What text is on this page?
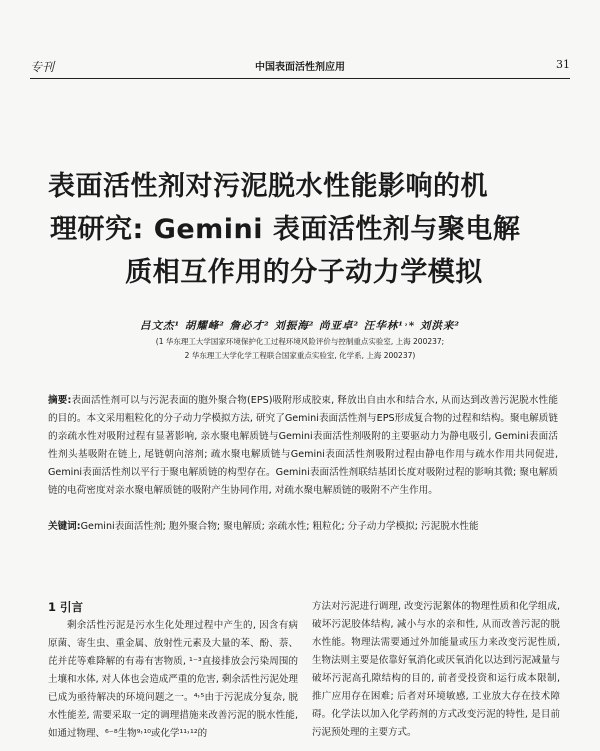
专刊	中国表面活性剂应用	31
表面活性剂对污泥脱水性能影响的机
理研究: Gemini 表面活性剂与聚电解
质相互作用的分子动力学模拟
吕文杰¹ 胡耀峰² 詹必才² 刘振海² 尚亚卓² 汪华林¹˒* 刘洪来²
(1 华东理工大学国家环境保护化工过程环境风险评价与控制重点实验室, 上海 200237;
2 华东理工大学化学工程联合国家重点实验室, 化学系, 上海 200237)
摘要:表面活性剂可以与污泥表面的胞外聚合物(EPS)吸附形成胶束, 释放出自由水和结合水, 从而达到改善污泥脱水性能的目的。本文采用粗粒化的分子动力学模拟方法, 研究了Gemini表面活性剂与EPS形成复合物的过程和结构。聚电解质链的亲疏水性对吸附过程有显著影响, 亲水聚电解质链与Gemini表面活性剂吸附的主要驱动力为静电吸引, Gemini表面活性剂头基吸附在链上, 尾链朝向溶剂; 疏水聚电解质链与Gemini表面活性剂吸附过程由静电作用与疏水作用共同促进, Gemini表面活性剂以平行于聚电解质链的构型存在。Gemini表面活性剂联结基团长度对吸附过程的影响其微; 聚电解质链的电荷密度对亲水聚电解质链的吸附产生协同作用, 对疏水聚电解质链的吸附不产生作用。
关键词:Gemini表面活性剂; 胞外聚合物; 聚电解质; 亲疏水性; 粗粒化; 分子动力学模拟; 污泥脱水性能
1 引言
剩余活性污泥是污水生化处理过程中产生的, 因含有病原菌、寄生虫、重金属、放射性元素及大量的苯、酚、萘、芘并芘等难降解的有毒有害物质, ¹⁻³直接排放会污染周围的土壤和水体, 对人体也会造成严重的危害, 剩余活性污泥处理已成为亟待解决的环境问题之一。⁴˒⁵由于污泥成分复杂, 脱水性能差, 需要采取一定的调理措施来改善污泥的脱水性能, 如通过物理、⁶⁻⁸生物⁹˒¹⁰或化学¹¹˒¹²的
方法对污泥进行调理, 改变污泥絮体的物理性质和化学组成, 破坏污泥胶体结构, 减小与水的亲和性, 从而改善污泥的脱水性能。物理法需要通过外加能量或压力来改变污泥性质, 生物法则主要是依靠好氧消化或厌氧消化以达到污泥减量与破坏污泥高孔隙结构的目的, 前者受投资和运行成本限制, 推广应用存在困难; 后者对环境敏感, 工业放大存在技术障碍。化学法以加入化学药剂的方式改变污泥的特性, 是目前污泥预处理的主要方式。
